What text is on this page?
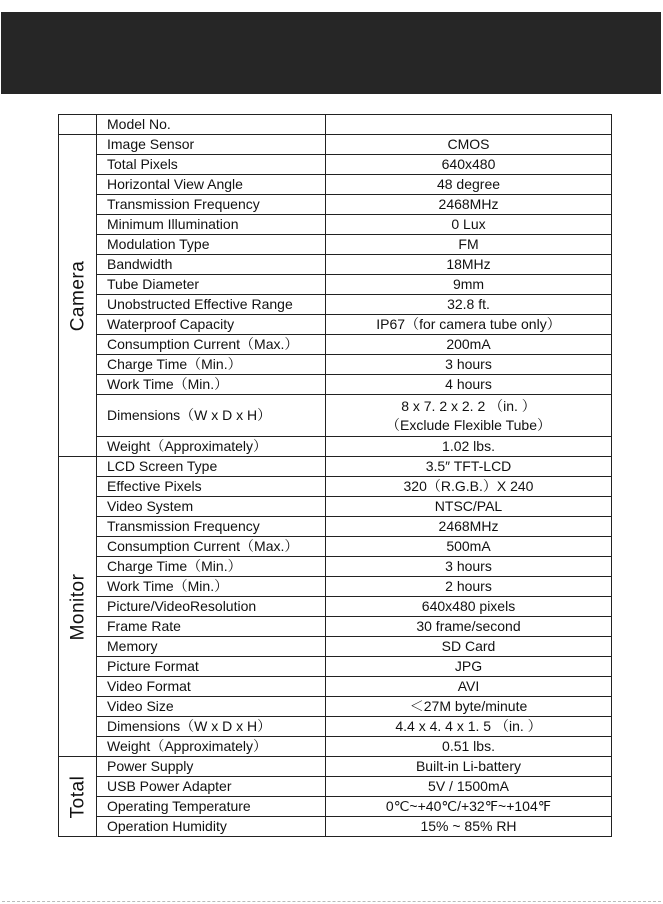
	Model No.	

Camera	Image Sensor	CMOS
	Total Pixels	640x480
	Horizontal View Angle	48 degree
	Transmission Frequency	2468MHz
	Minimum Illumination	0 Lux
	Modulation Type	FM
	Bandwidth	18MHz
	Tube Diameter	9mm
	Unobstructed Effective Range	32.8 ft.
	Waterproof Capacity	IP67（for camera tube only）
	Consumption Current（Max.）	200mA
	Charge Time（Min.）	3 hours
	Work Time（Min.）	4 hours
	Dimensions（W x D x H）	8 x 7. 2 x 2. 2 （in. ）
（Exclude Flexible Tube）

	Weight（Approximately）	1.02 lbs.

Monitor	LCD Screen Type	3.5″ TFT-LCD
	Effective Pixels	320（R.G.B.）X 240
	Video System	NTSC/PAL
	Transmission Frequency	2468MHz
	Consumption Current（Max.）	500mA
	Charge Time（Min.）	3 hours
	Work Time（Min.）	2 hours
	Picture/VideoResolution	640x480 pixels
	Frame Rate	30 frame/second
	Memory	SD Card
	Picture Format	JPG
	Video Format	AVI
	Video Size	＜27M byte/minute
	Dimensions（W x D x H）	4.4 x 4. 4 x 1. 5 （in. ）
	Weight（Approximately）	0.51 lbs.

Total	Power Supply	Built-in Li-battery
	USB Power Adapter	5V / 1500mA
	Operating Temperature	0℃~+40℃/+32℉~+104℉
	Operation Humidity	15% ~ 85% RH
